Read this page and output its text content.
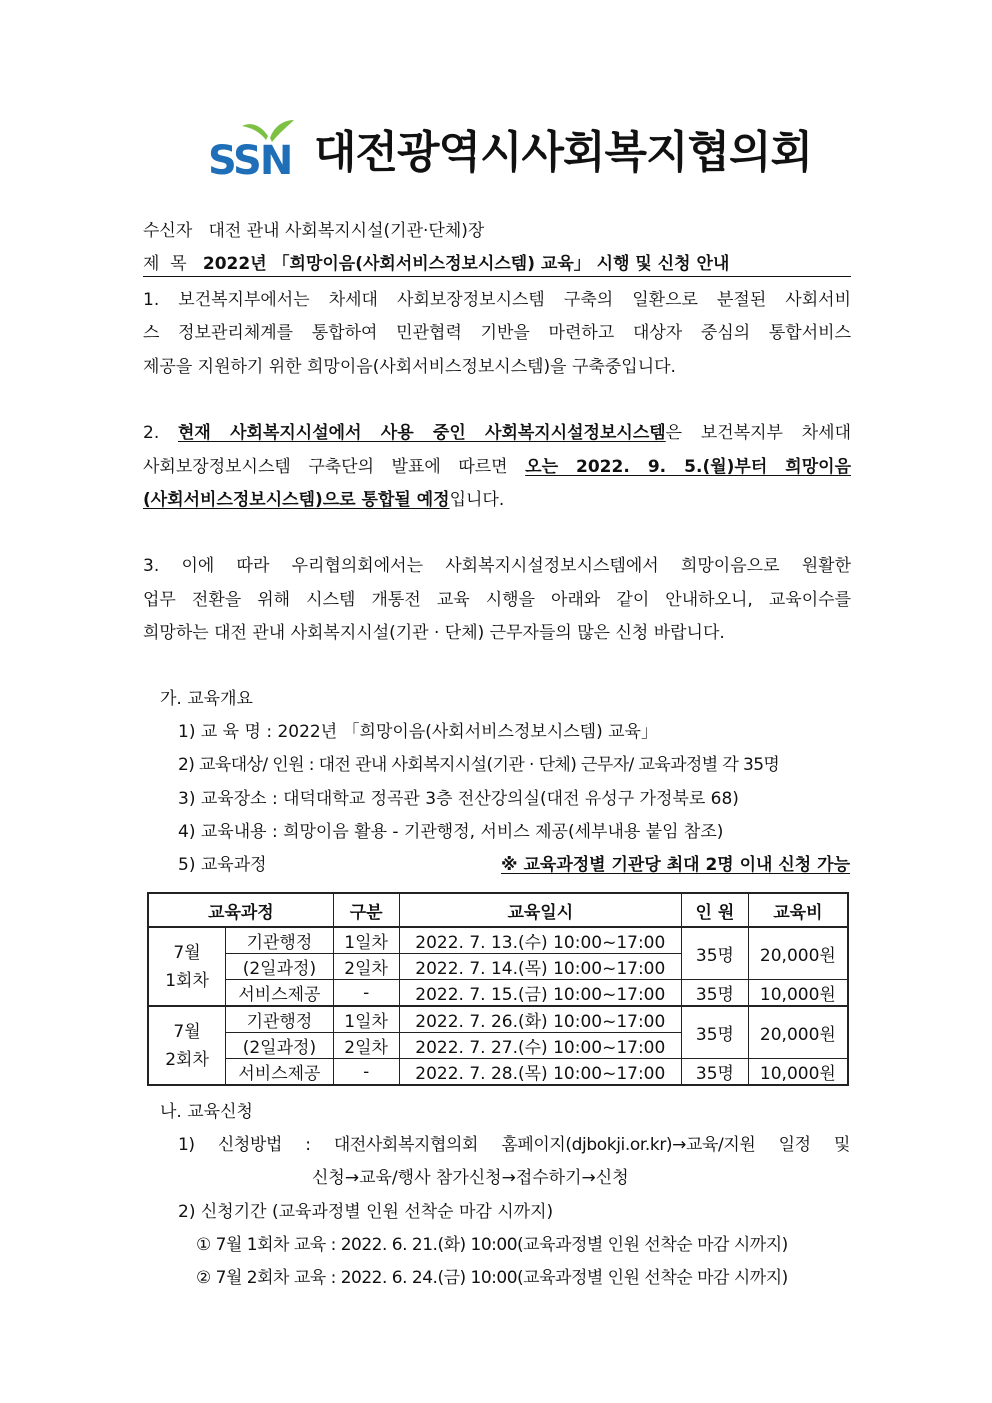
SSN 대전광역시사회복지협의회
수신자 대전 관내 사회복지시설(기관·단체)장
제  목 2022년 「희망이음(사회서비스정보시스템) 교육」 시행 및 신청 안내
1. 보건복지부에서는 차세대 사회보장정보시스템 구축의 일환으로 분절된 사회서비
스 정보관리체계를 통합하여 민관협력 기반을 마련하고 대상자 중심의 통합서비스
제공을 지원하기 위한 희망이음(사회서비스정보시스템)을 구축중입니다.
2. 현재 사회복지시설에서 사용 중인 사회복지시설정보시스템은 보건복지부 차세대
사회보장정보시스템 구축단의 발표에 따르면 오는 2022. 9. 5.(월)부터 희망이음
(사회서비스정보시스템)으로 통합될 예정입니다.
3. 이에 따라 우리협의회에서는 사회복지시설정보시스템에서 희망이음으로 원활한
업무 전환을 위해 시스템 개통전 교육 시행을 아래와 같이 안내하오니, 교육이수를
희망하는 대전 관내 사회복지시설(기관 · 단체) 근무자들의 많은 신청 바랍니다.
가. 교육개요
1) 교 육 명 : 2022년 「희망이음(사회서비스정보시스템) 교육」
2) 교육대상/ 인원 : 대전 관내 사회복지시설(기관 · 단체) 근무자/ 교육과정별 각 35명
3) 교육장소 : 대덕대학교 정곡관 3층 전산강의실(대전 유성구 가정북로 68)
4) 교육내용 : 희망이음 활용 - 기관행정, 서비스 제공(세부내용 붙임 참조)
5) 교육과정	※ 교육과정별 기관당 최대 2명 이내 신청 가능
교육과정		구분	교육일시	인 원	교육비
7월
1회차	기관행정	1일차	2022. 7. 13.(수) 10:00~17:00	35명	20,000원
	(2일과정)	2일차	2022. 7. 14.(목) 10:00~17:00		
	서비스제공	-	2022. 7. 15.(금) 10:00~17:00	35명	10,000원
7월
2회차	기관행정	1일차	2022. 7. 26.(화) 10:00~17:00	35명	20,000원
	(2일과정)	2일차	2022. 7. 27.(수) 10:00~17:00		
	서비스제공	-	2022. 7. 28.(목) 10:00~17:00	35명	10,000원
나. 교육신청
1) 신청방법 : 대전사회복지협의회 홈페이지(djbokji.or.kr)→교육/지원 일정 및
신청→교육/행사 참가신청→접수하기→신청
2) 신청기간 (교육과정별 인원 선착순 마감 시까지)
① 7월 1회차 교육 : 2022. 6. 21.(화) 10:00(교육과정별 인원 선착순 마감 시까지)
② 7월 2회차 교육 : 2022. 6. 24.(금) 10:00(교육과정별 인원 선착순 마감 시까지)
